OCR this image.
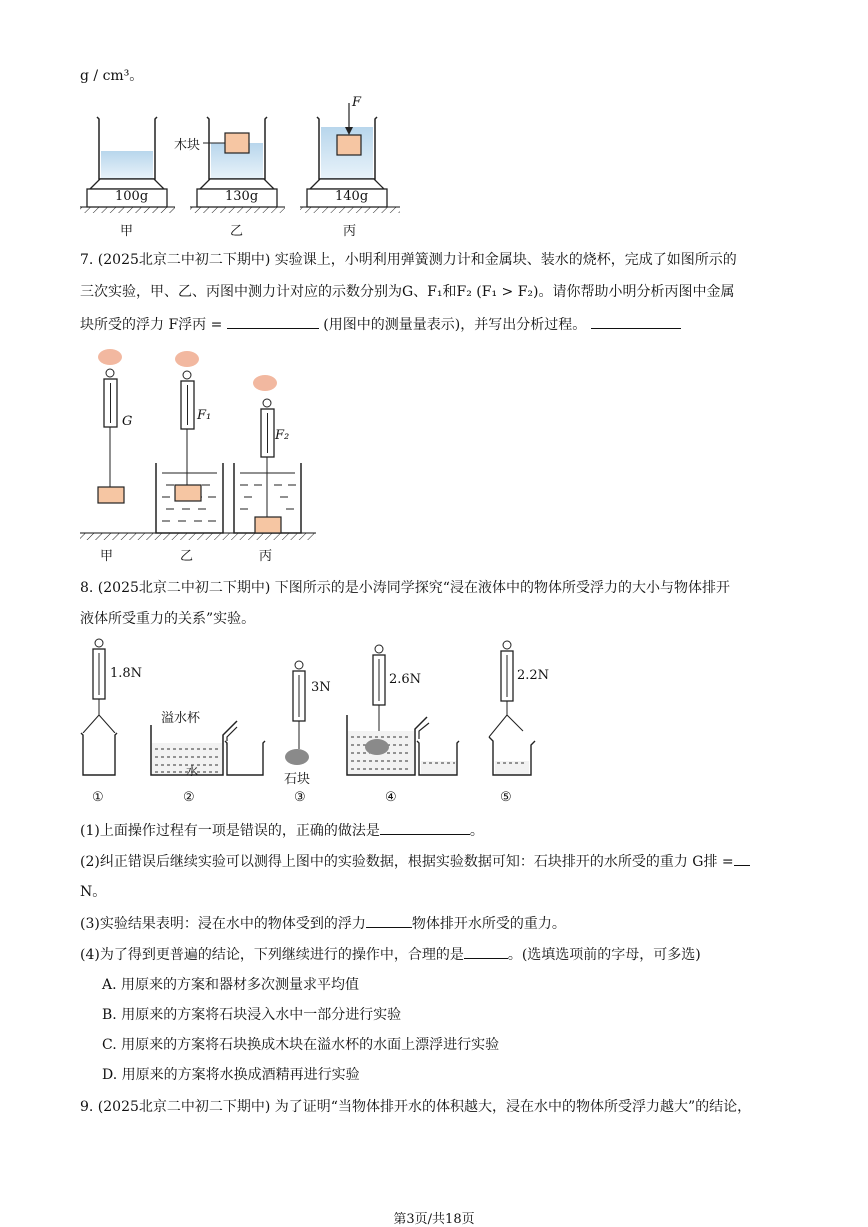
g / cm³。
木块
F
100g	130g	140g
甲	乙	丙
7. (2025北京二中初二下期中) 实验课上，小明利用弹簧测力计和金属块、装水的烧杯，完成了如图所示的
三次实验，甲、乙、丙图中测力计对应的示数分别为G、F₁和F₂ (F₁ > F₂)。请你帮助小明分析丙图中金属
块所受的浮力 F浮丙 =	(用图中的测量量表示)，并写出分析过程。
G	F₁
F₂
甲	乙	丙
8. (2025北京二中初二下期中) 下图所示的是小涛同学探究“浸在液体中的物体所受浮力的大小与物体排开
液体所受重力的关系”实验。
1.8N
3N
2.6N	2.2N
溢水杯
水
石块
①	②	③	④	⑤
(1)上面操作过程有一项是错误的，正确的做法是	。
(2)纠正错误后继续实验可以测得上图中的实验数据，根据实验数据可知：石块排开的水所受的重力 G排 =
N。
(3)实验结果表明：浸在水中的物体受到的浮力	物体排开水所受的重力。
(4)为了得到更普遍的结论，下列继续进行的操作中，合理的是	。(选填选项前的字母，可多选)
A. 用原来的方案和器材多次测量求平均值
B. 用原来的方案将石块浸入水中一部分进行实验
C. 用原来的方案将石块换成木块在溢水杯的水面上漂浮进行实验
D. 用原来的方案将水换成酒精再进行实验
9. (2025北京二中初二下期中) 为了证明“当物体排开水的体积越大，浸在水中的物体所受浮力越大”的结论，
第3页/共18页
